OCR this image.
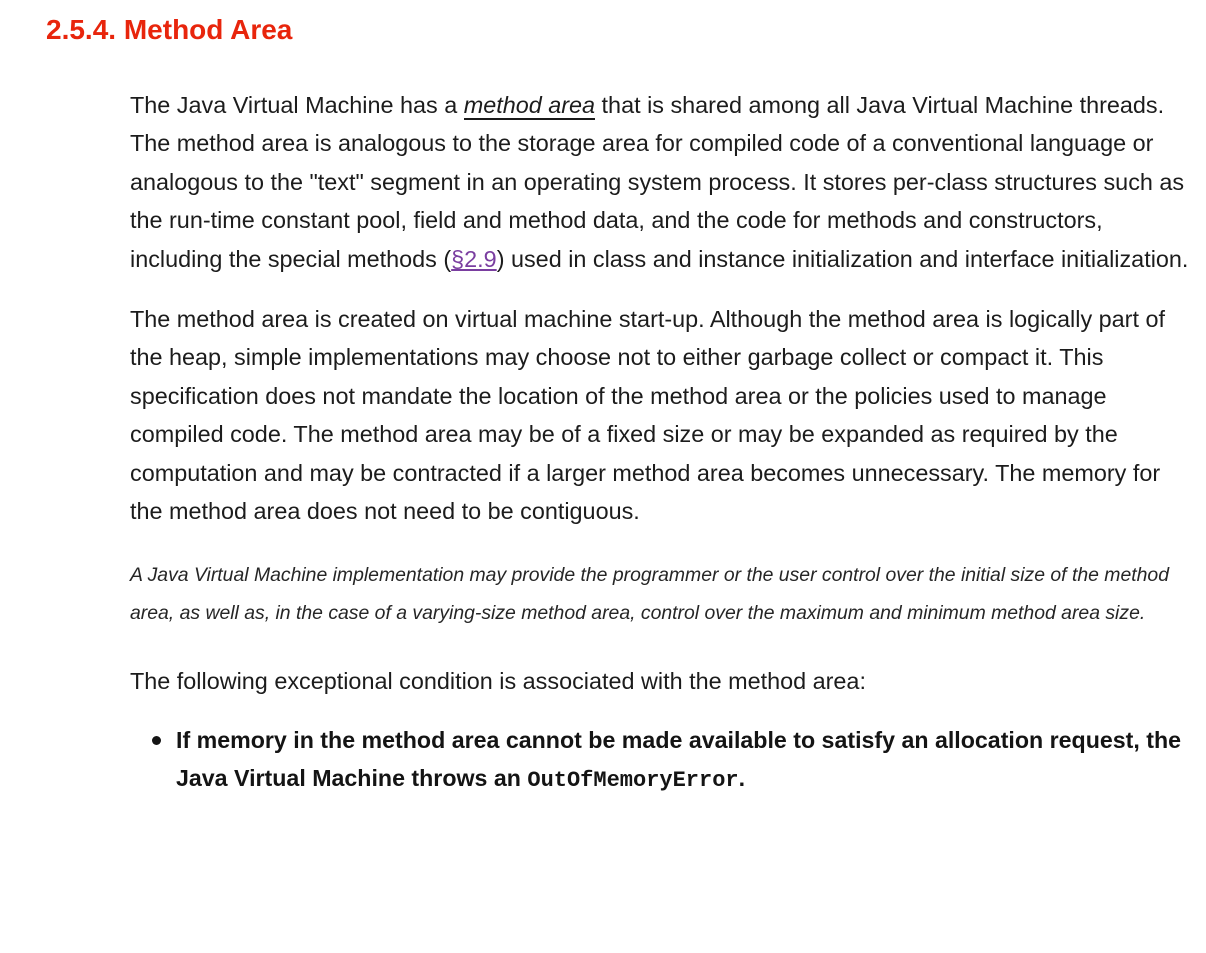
2.5.4. Method Area

The Java Virtual Machine has a method area that is shared among all Java Virtual Machine threads. The method area is analogous to the storage area for compiled code of a conventional language or analogous to the "text" segment in an operating system process. It stores per-class structures such as the run-time constant pool, field and method data, and the code for methods and constructors, including the special methods (§2.9) used in class and instance initialization and interface initialization.

The method area is created on virtual machine start-up. Although the method area is logically part of the heap, simple implementations may choose not to either garbage collect or compact it. This specification does not mandate the location of the method area or the policies used to manage compiled code. The method area may be of a fixed size or may be expanded as required by the computation and may be contracted if a larger method area becomes unnecessary. The memory for the method area does not need to be contiguous.

A Java Virtual Machine implementation may provide the programmer or the user control over the initial size of the method area, as well as, in the case of a varying-size method area, control over the maximum and minimum method area size.

The following exceptional condition is associated with the method area:

If memory in the method area cannot be made available to satisfy an allocation request, the Java Virtual Machine throws an OutOfMemoryError.
